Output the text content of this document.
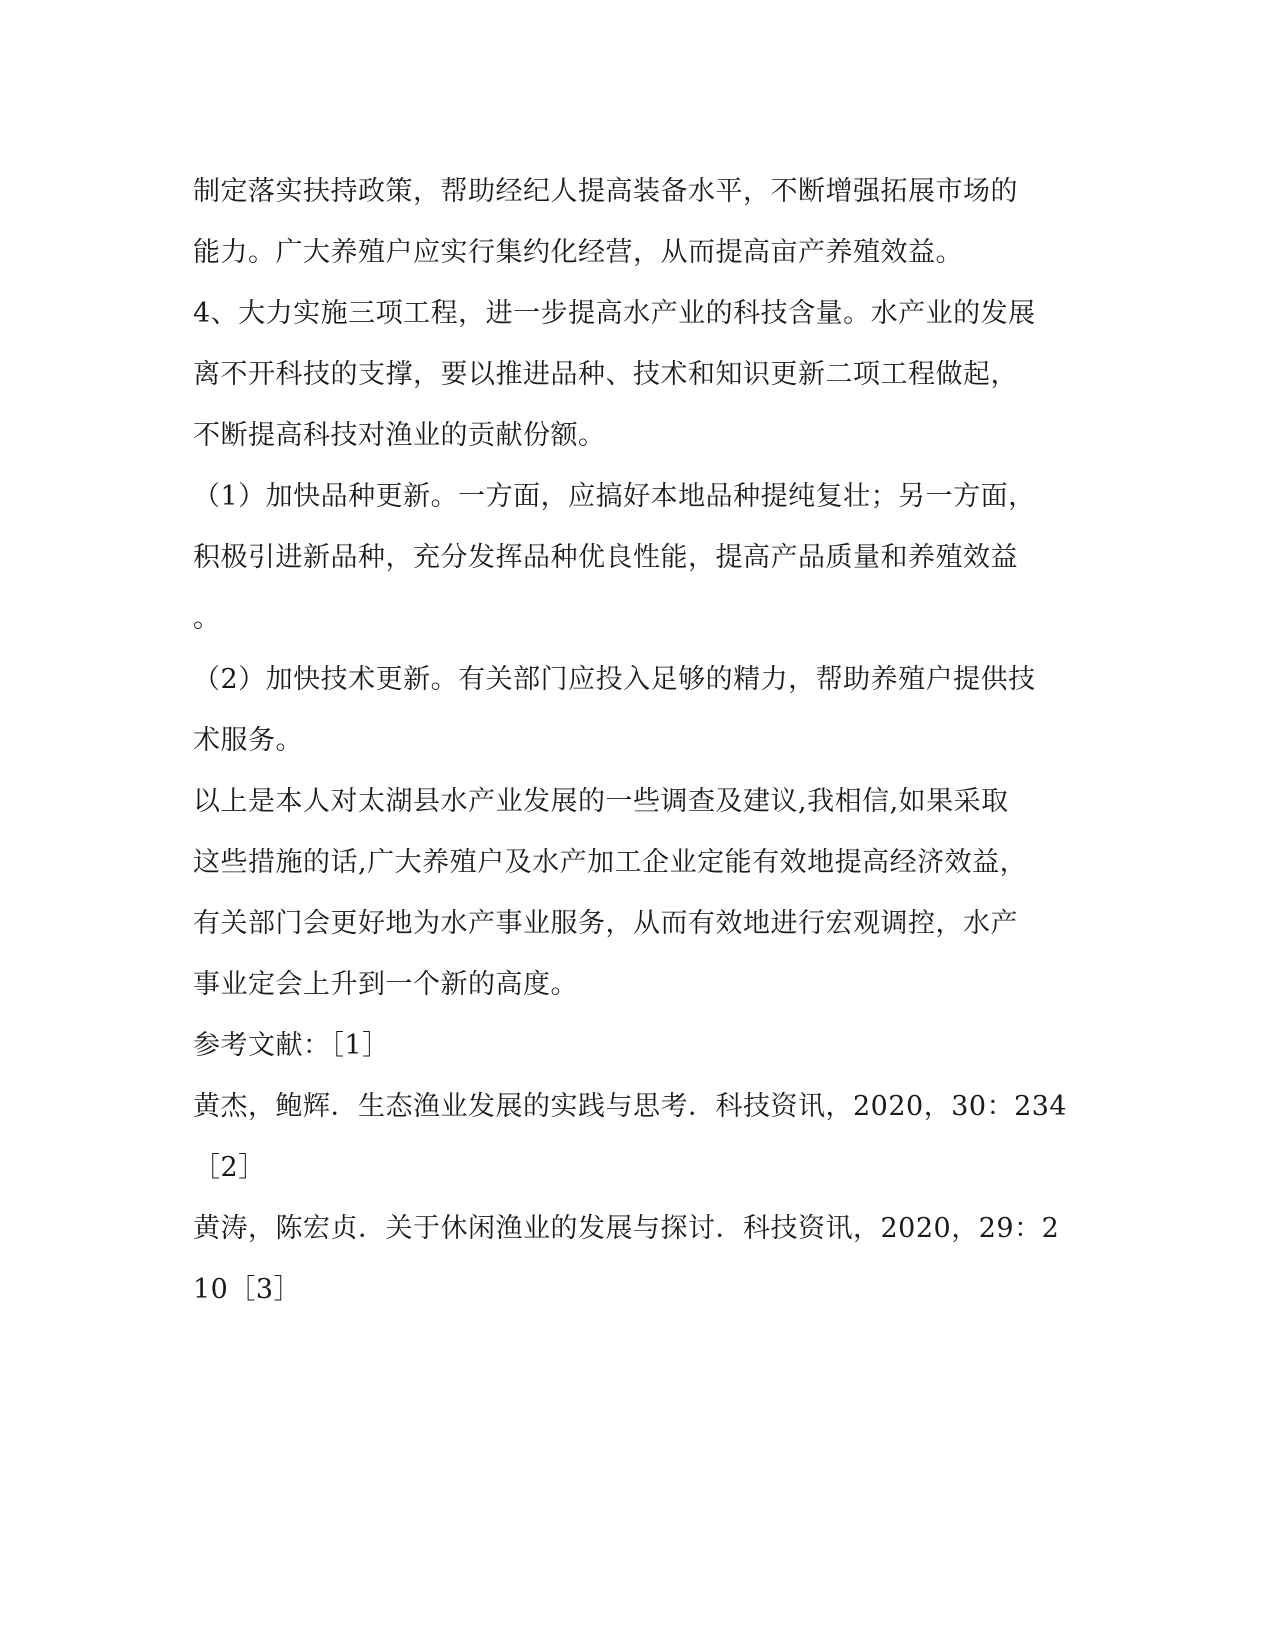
制定落实扶持政策，帮助经纪人提高装备水平，不断增强拓展市场的
能力。广大养殖户应实行集约化经营，从而提高亩产养殖效益。
4、大力实施三项工程，进一步提高水产业的科技含量。水产业的发展
离不开科技的支撑，要以推进品种、技术和知识更新二项工程做起，
不断提高科技对渔业的贡献份额。
（1）加快品种更新。一方面，应搞好本地品种提纯复壮；另一方面，
积极引进新品种，充分发挥品种优良性能，提高产品质量和养殖效益
。
（2）加快技术更新。有关部门应投入足够的精力，帮助养殖户提供技
术服务。
以上是本人对太湖县水产业发展的一些调查及建议,我相信,如果采取
这些措施的话,广大养殖户及水产加工企业定能有效地提高经济效益，
有关部门会更好地为水产事业服务，从而有效地进行宏观调控，水产
事业定会上升到一个新的高度。
参考文献：［1］
黄杰，鲍辉．生态渔业发展的实践与思考．科技资讯，2020，30：234
［2］
黄涛，陈宏贞．关于休闲渔业的发展与探讨．科技资讯，2020，29：2
10［3］
